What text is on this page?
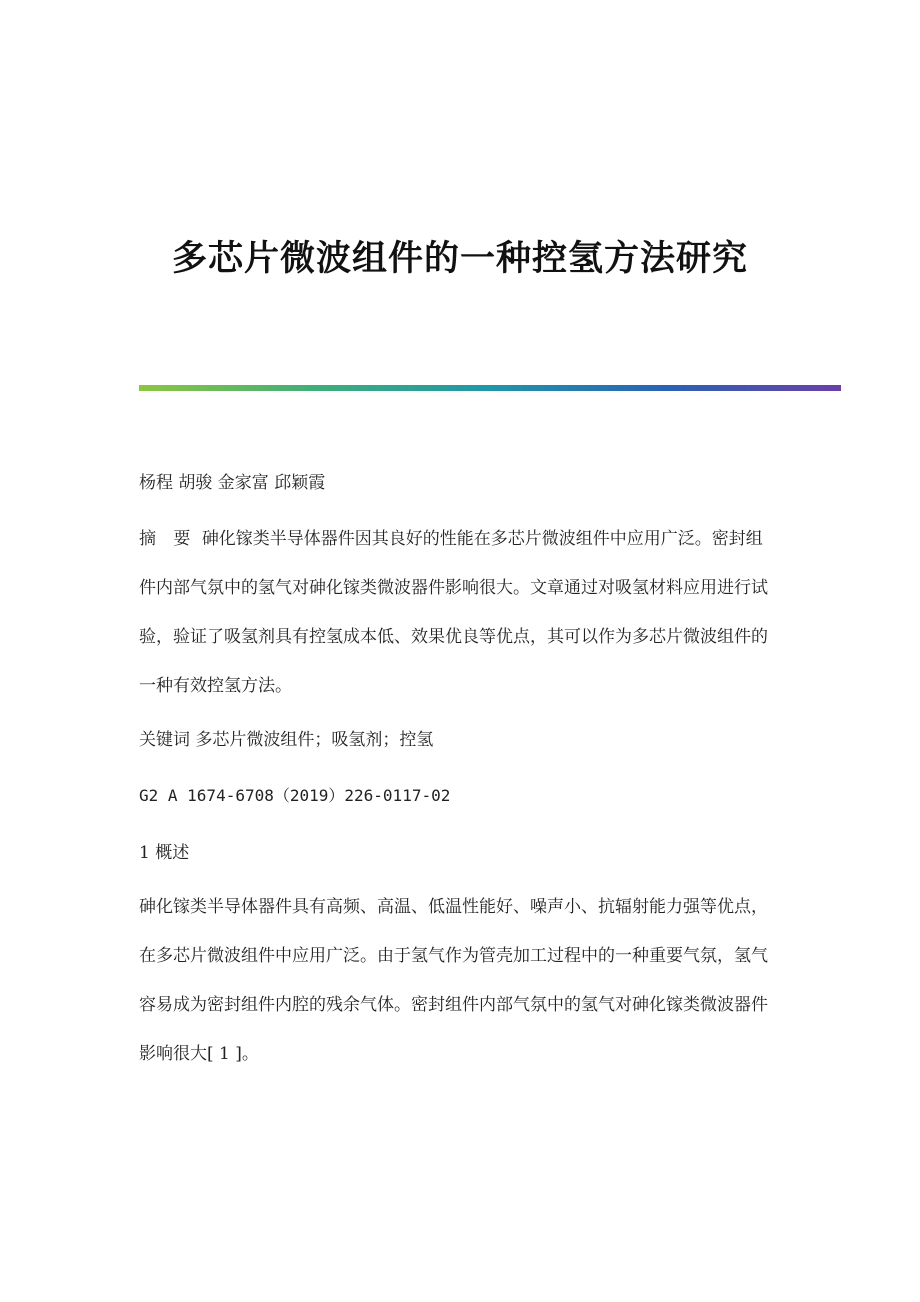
多芯片微波组件的一种控氢方法研究

杨程 胡骏 金家富 邱颖霞

摘 要 砷化镓类半导体器件因其良好的性能在多芯片微波组件中应用广泛。密封组件内部气氛中的氢气对砷化镓类微波器件影响很大。文章通过对吸氢材料应用进行试验，验证了吸氢剂具有控氢成本低、效果优良等优点，其可以作为多芯片微波组件的一种有效控氢方法。

关键词 多芯片微波组件；吸氢剂；控氢

G2 A 1674-6708（2019）226-0117-02

1 概述

砷化镓类半导体器件具有高频、高温、低温性能好、噪声小、抗辐射能力强等优点，在多芯片微波组件中应用广泛。由于氢气作为管壳加工过程中的一种重要气氛，氢气容易成为密封组件内腔的残余气体。密封组件内部气氛中的氢气对砷化镓类微波器件影响很大[ 1 ]。
